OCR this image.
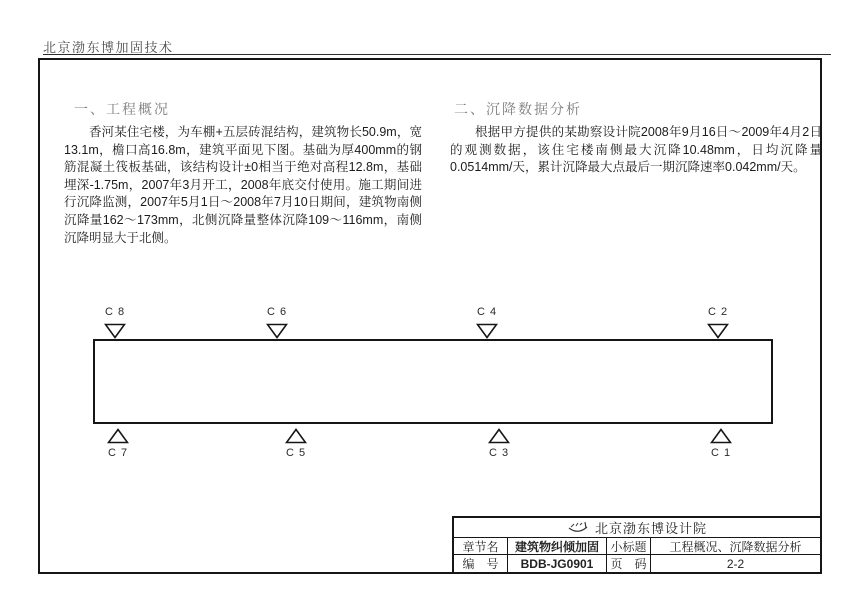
北京渤东博加固技术
一、工程概况
香河某住宅楼，为车棚+五层砖混结构，建筑物长50.9m，宽13.1m，檐口高16.8m，建筑平面见下图。基础为厚400mm的钢筋混凝土筏板基础，该结构设计±0相当于绝对高程12.8m，基础埋深-1.75m，2007年3月开工，2008年底交付使用。施工期间进行沉降监测，2007年5月1日～2008年7月10日期间，建筑物南侧沉降量162～173mm，北侧沉降量整体沉降109～116mm，南侧沉降明显大于北侧。
二、沉降数据分析
根据甲方提供的某勘察设计院2008年9月16日～2009年4月2日的观测数据，该住宅楼南侧最大沉降10.48mm，日均沉降量0.0514mm/天，累计沉降最大点最后一期沉降速率0.042mm/天。
C 8	C 6	C 4	C 2
C 7	C 5	C 3	C 1
北京渤东博设计院
章节名	建筑物纠倾加固 小标题	工程概况、沉降数据分析
编　号	BDB-JG0901	页　码	2-2
